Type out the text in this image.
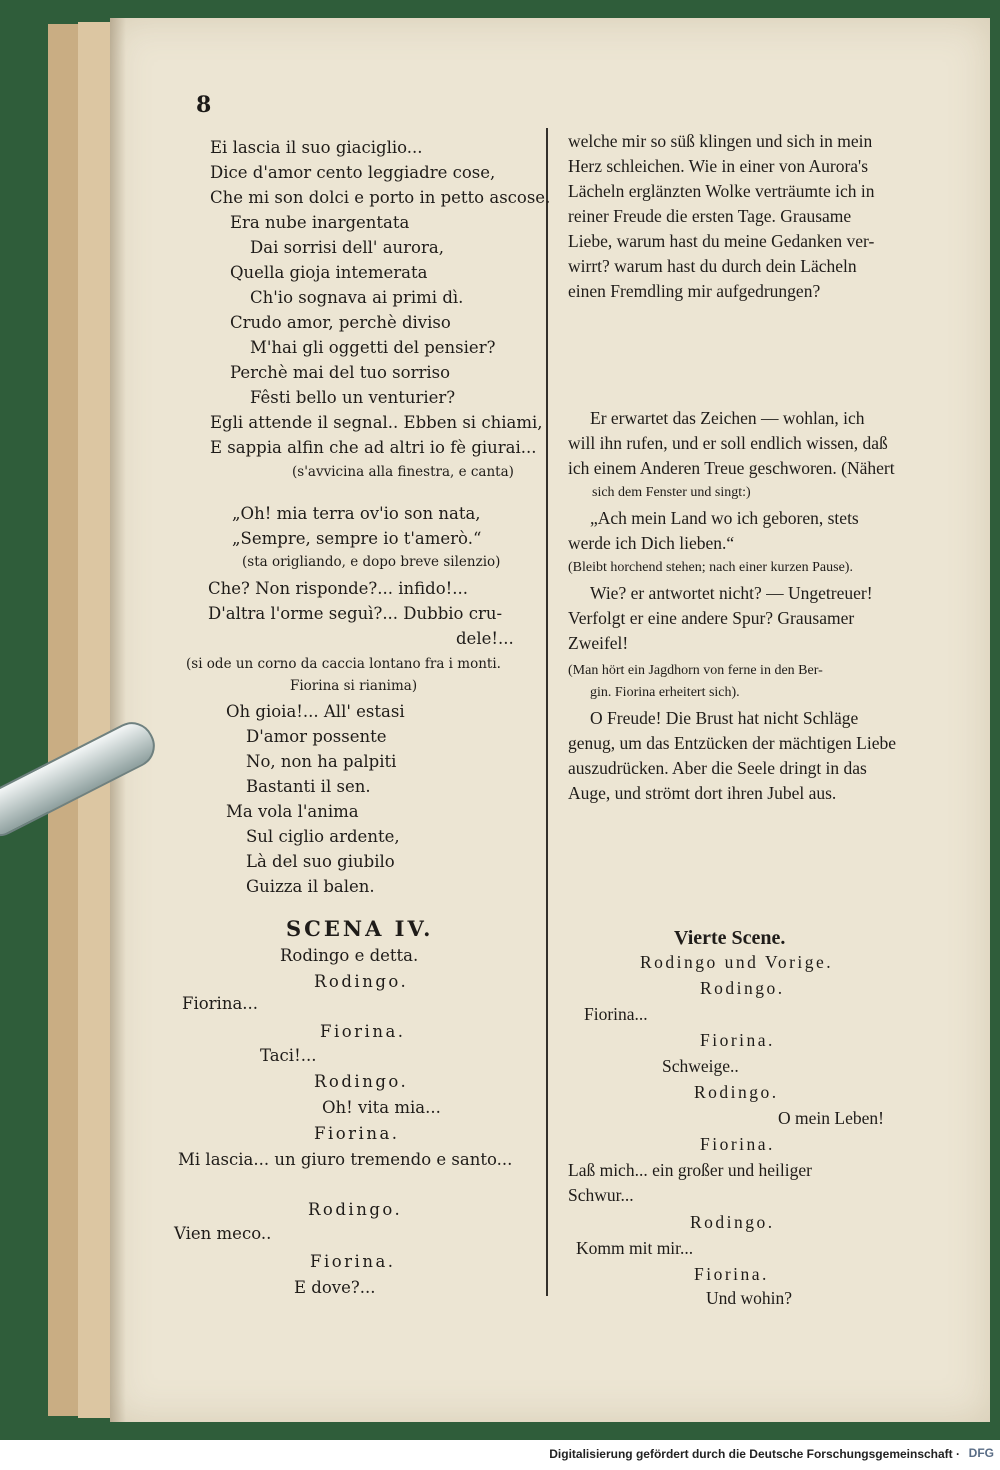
8
Ei lascia il suo giaciglio...
Dice d'amor cento leggiadre cose,
Che mi son dolci e porto in petto ascose.
Era nube inargentata
Dai sorrisi dell' aurora,
Quella gioja intemerata
Ch'io sognava ai primi dì.
Crudo amor, perchè diviso
M'hai gli oggetti del pensier?
Perchè mai del tuo sorriso
Fêsti bello un venturier?
Egli attende il segnal.. Ebben si chiami,
E sappia alfin che ad altri io fè giurai...
(s'avvicina alla finestra, e canta)
„Oh! mia terra ov'io son nata,
„Sempre, sempre io t'amerò.“
(sta origliando, e dopo breve silenzio)
Che? Non risponde?... infido!...
D'altra l'orme seguì?... Dubbio cru-
dele!...
(si ode un corno da caccia lontano fra i monti.
Fiorina si rianima)
Oh gioia!... All' estasi
D'amor possente
No, non ha palpiti
Bastanti il sen.
Ma vola l'anima
Sul ciglio ardente,
Là del suo giubilo
Guizza il balen.
SCENA IV.
Rodingo e detta.
Rodingo.
Fiorina...
Fiorina.
Taci!...
Rodingo.
Oh! vita mia...
Fiorina.
Mi lascia... un giuro tremendo e santo...
Rodingo.
Vien meco..
Fiorina.
E dove?...
welche mir so süß klingen und sich in mein
Herz schleichen. Wie in einer von Aurora's
Lächeln erglänzten Wolke verträumte ich in
reiner Freude die ersten Tage. Grausame
Liebe, warum hast du meine Gedanken ver-
wirrt? warum hast du durch dein Lächeln
einen Fremdling mir aufgedrungen?
Er erwartet das Zeichen — wohlan, ich
will ihn rufen, und er soll endlich wissen, daß
ich einem Anderen Treue geschworen. (Nähert
sich dem Fenster und singt:)
„Ach mein Land wo ich geboren, stets
werde ich Dich lieben.“
(Bleibt horchend stehen; nach einer kurzen Pause).
Wie? er antwortet nicht? — Ungetreuer!
Verfolgt er eine andere Spur? Grausamer
Zweifel!
(Man hört ein Jagdhorn von ferne in den Ber-
gin. Fiorina erheitert sich).
O Freude! Die Brust hat nicht Schläge
genug, um das Entzücken der mächtigen Liebe
auszudrücken. Aber die Seele dringt in das
Auge, und strömt dort ihren Jubel aus.
Vierte Scene.
Rodingo und Vorige.
Rodingo.
Fiorina...
Fiorina.
Schweige..
Rodingo.
O mein Leben!
Fiorina.
Laß mich... ein großer und heiliger
Schwur...
Rodingo.
Komm mit mir...
Fiorina.
Und wohin?
Digitalisierung gefördert durch die Deutsche Forschungsgemeinschaft · DFG
